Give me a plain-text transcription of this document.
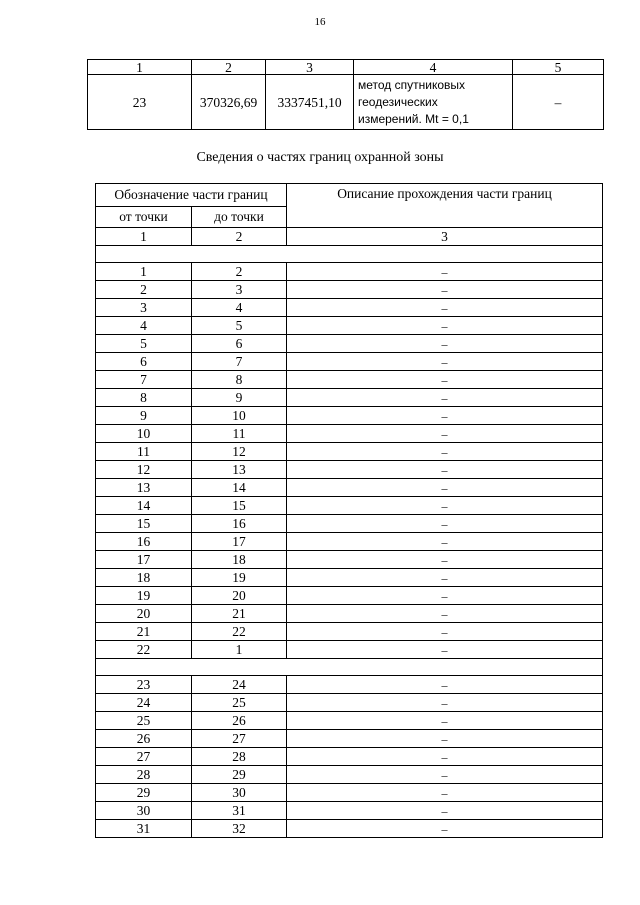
16
1	2	3	4	5
23	370326,69	3337451,10	метод спутниковых
геодезических
измерений. Mt = 0,1	–
Сведения о частях границ охранной зоны
Обозначение части границ		Описание прохождения части границ
от точки	до точки	
1	2	3

1	2	–
2	3	–
3	4	–
4	5	–
5	6	–
6	7	–
7	8	–
8	9	–
9	10	–
10	11	–
11	12	–
12	13	–
13	14	–
14	15	–
15	16	–
16	17	–
17	18	–
18	19	–
19	20	–
20	21	–
21	22	–
22	1	–

23	24	–
24	25	–
25	26	–
26	27	–
27	28	–
28	29	–
29	30	–
30	31	–
31	32	–
